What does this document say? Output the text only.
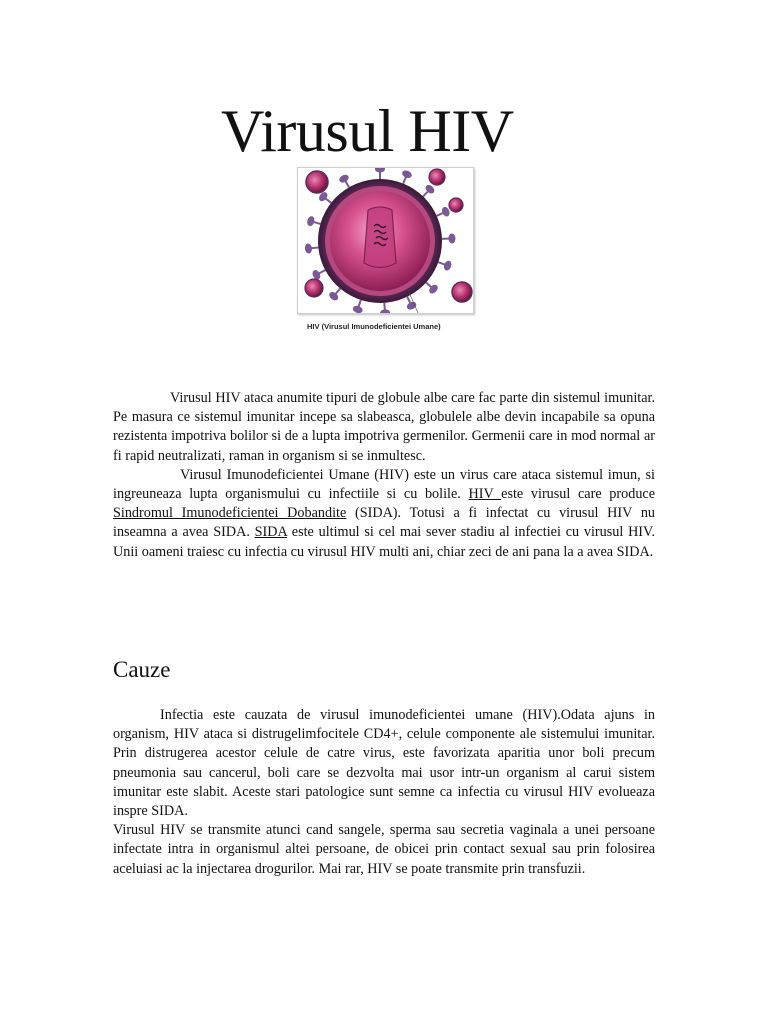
Virusul HIV
HIV (Virusul Imunodeficientei Umane)

Virusul HIV ataca anumite tipuri de globule albe care fac parte din sistemul imunitar. Pe masura ce sistemul imunitar incepe sa slabeasca, globulele albe devin incapabile sa opuna rezistenta impotriva bolilor si de a lupta impotriva germenilor. Germenii care in mod normal ar fi rapid neutralizati, raman in organism si se inmultesc.

Virusul Imunodeficientei Umane (HIV) este un virus care ataca sistemul imun, si ingreuneaza lupta organismului cu infectiile si cu bolile. HIV este virusul care produce Sindromul Imunodeficientei Dobandite (SIDA). Totusi a fi infectat cu virusul HIV nu inseamna a avea SIDA. SIDA este ultimul si cel mai sever stadiu al infectiei cu virusul HIV. Unii oameni traiesc cu infectia cu virusul HIV multi ani, chiar zeci de ani pana la a avea SIDA.

Cauze

Infectia este cauzata de virusul imunodeficientei umane (HIV).Odata ajuns in organism, HIV ataca si distrugelimfocitele CD4+, celule componente ale sistemului imunitar. Prin distrugerea acestor celule de catre virus, este favorizata aparitia unor boli precum pneumonia sau cancerul, boli care se dezvolta mai usor intr-un organism al carui sistem imunitar este slabit. Aceste stari patologice sunt semne ca infectia cu virusul HIV evolueaza inspre SIDA.

Virusul HIV se transmite atunci cand sangele, sperma sau secretia vaginala a unei persoane infectate intra in organismul altei persoane, de obicei prin contact sexual sau prin folosirea aceluiasi ac la injectarea drogurilor. Mai rar, HIV se poate transmite prin transfuzii.
